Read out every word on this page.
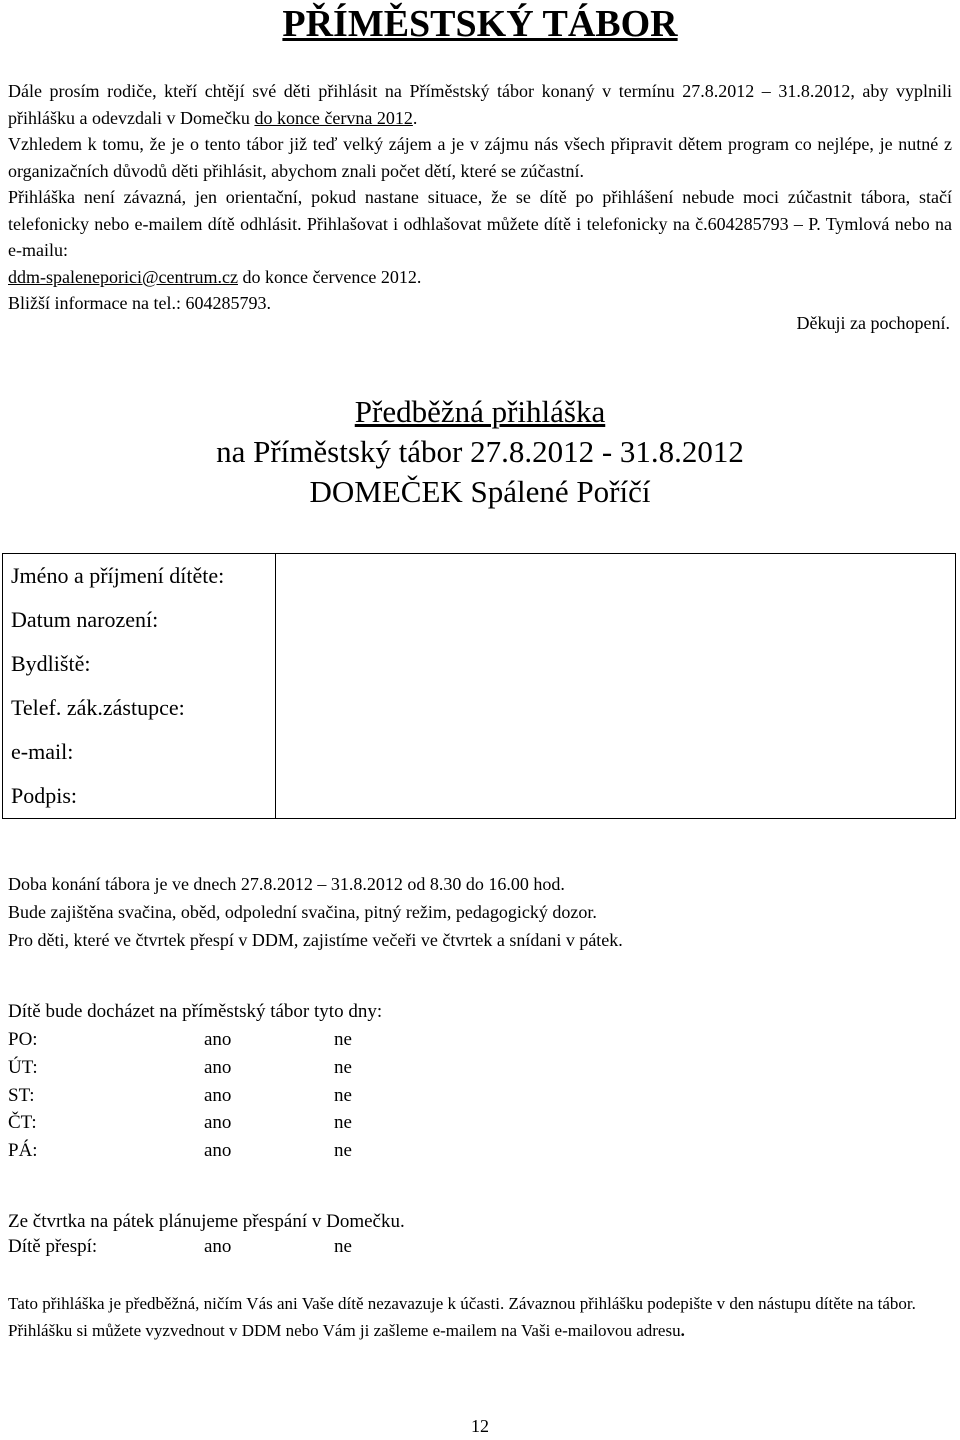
PŘÍMĚSTSKÝ TÁBOR

Dále prosím rodiče, kteří chtějí své děti přihlásit na Příměstský tábor konaný v termínu 27.8.2012 – 31.8.2012, aby vyplnili přihlášku a odevzdali v Domečku do konce června 2012.

Vzhledem k tomu, že je o tento tábor již teď velký zájem a je v zájmu nás všech připravit dětem program co nejlépe, je nutné z organizačních důvodů děti přihlásit, abychom znali počet dětí, které se zúčastní.

Přihláška není závazná, jen orientační, pokud nastane situace, že se dítě po přihlášení nebude moci zúčastnit tábora, stačí telefonicky nebo e-mailem dítě odhlásit. Přihlašovat i odhlašovat můžete dítě i telefonicky na č.604285793 – P. Tymlová nebo na e-mailu:
ddm-spaleneporici@centrum.cz do konce července 2012.

Bližší informace na tel.: 604285793.

Děkuji za pochopení.
Předběžná přihláška
na Příměstský tábor 27.8.2012 - 31.8.2012
DOMEČEK Spálené Poříčí
Jméno a příjmení dítěte:
Datum narození:
Bydliště:
Telef. zák.zástupce:
e-mail:
Podpis:

Doba konání tábora je ve dnech 27.8.2012 – 31.8.2012 od 8.30 do 16.00 hod.
Bude zajištěna svačina, oběd, odpolední svačina, pitný režim, pedagogický dozor.
Pro děti, které ve čtvrtek přespí v DDM, zajistíme večeři ve čtvrtek a snídani v pátek.

Dítě bude docházet na příměstský tábor tyto dny:

PO:	ano	ne
ÚT:	ano	ne
ST:	ano	ne
ČT:	ano	ne
PÁ:	ano	ne

Ze čtvrtka na pátek plánujeme přespání v Domečku.

Dítě přespí:	ano	ne

Tato přihláška je předběžná, ničím Vás ani Vaše dítě nezavazuje k účasti. Závaznou přihlášku podepište v den nástupu dítěte na tábor.
Přihlášku si můžete vyzvednout v DDM nebo Vám ji zašleme e-mailem na Vaši e-mailovou adresu.

12
